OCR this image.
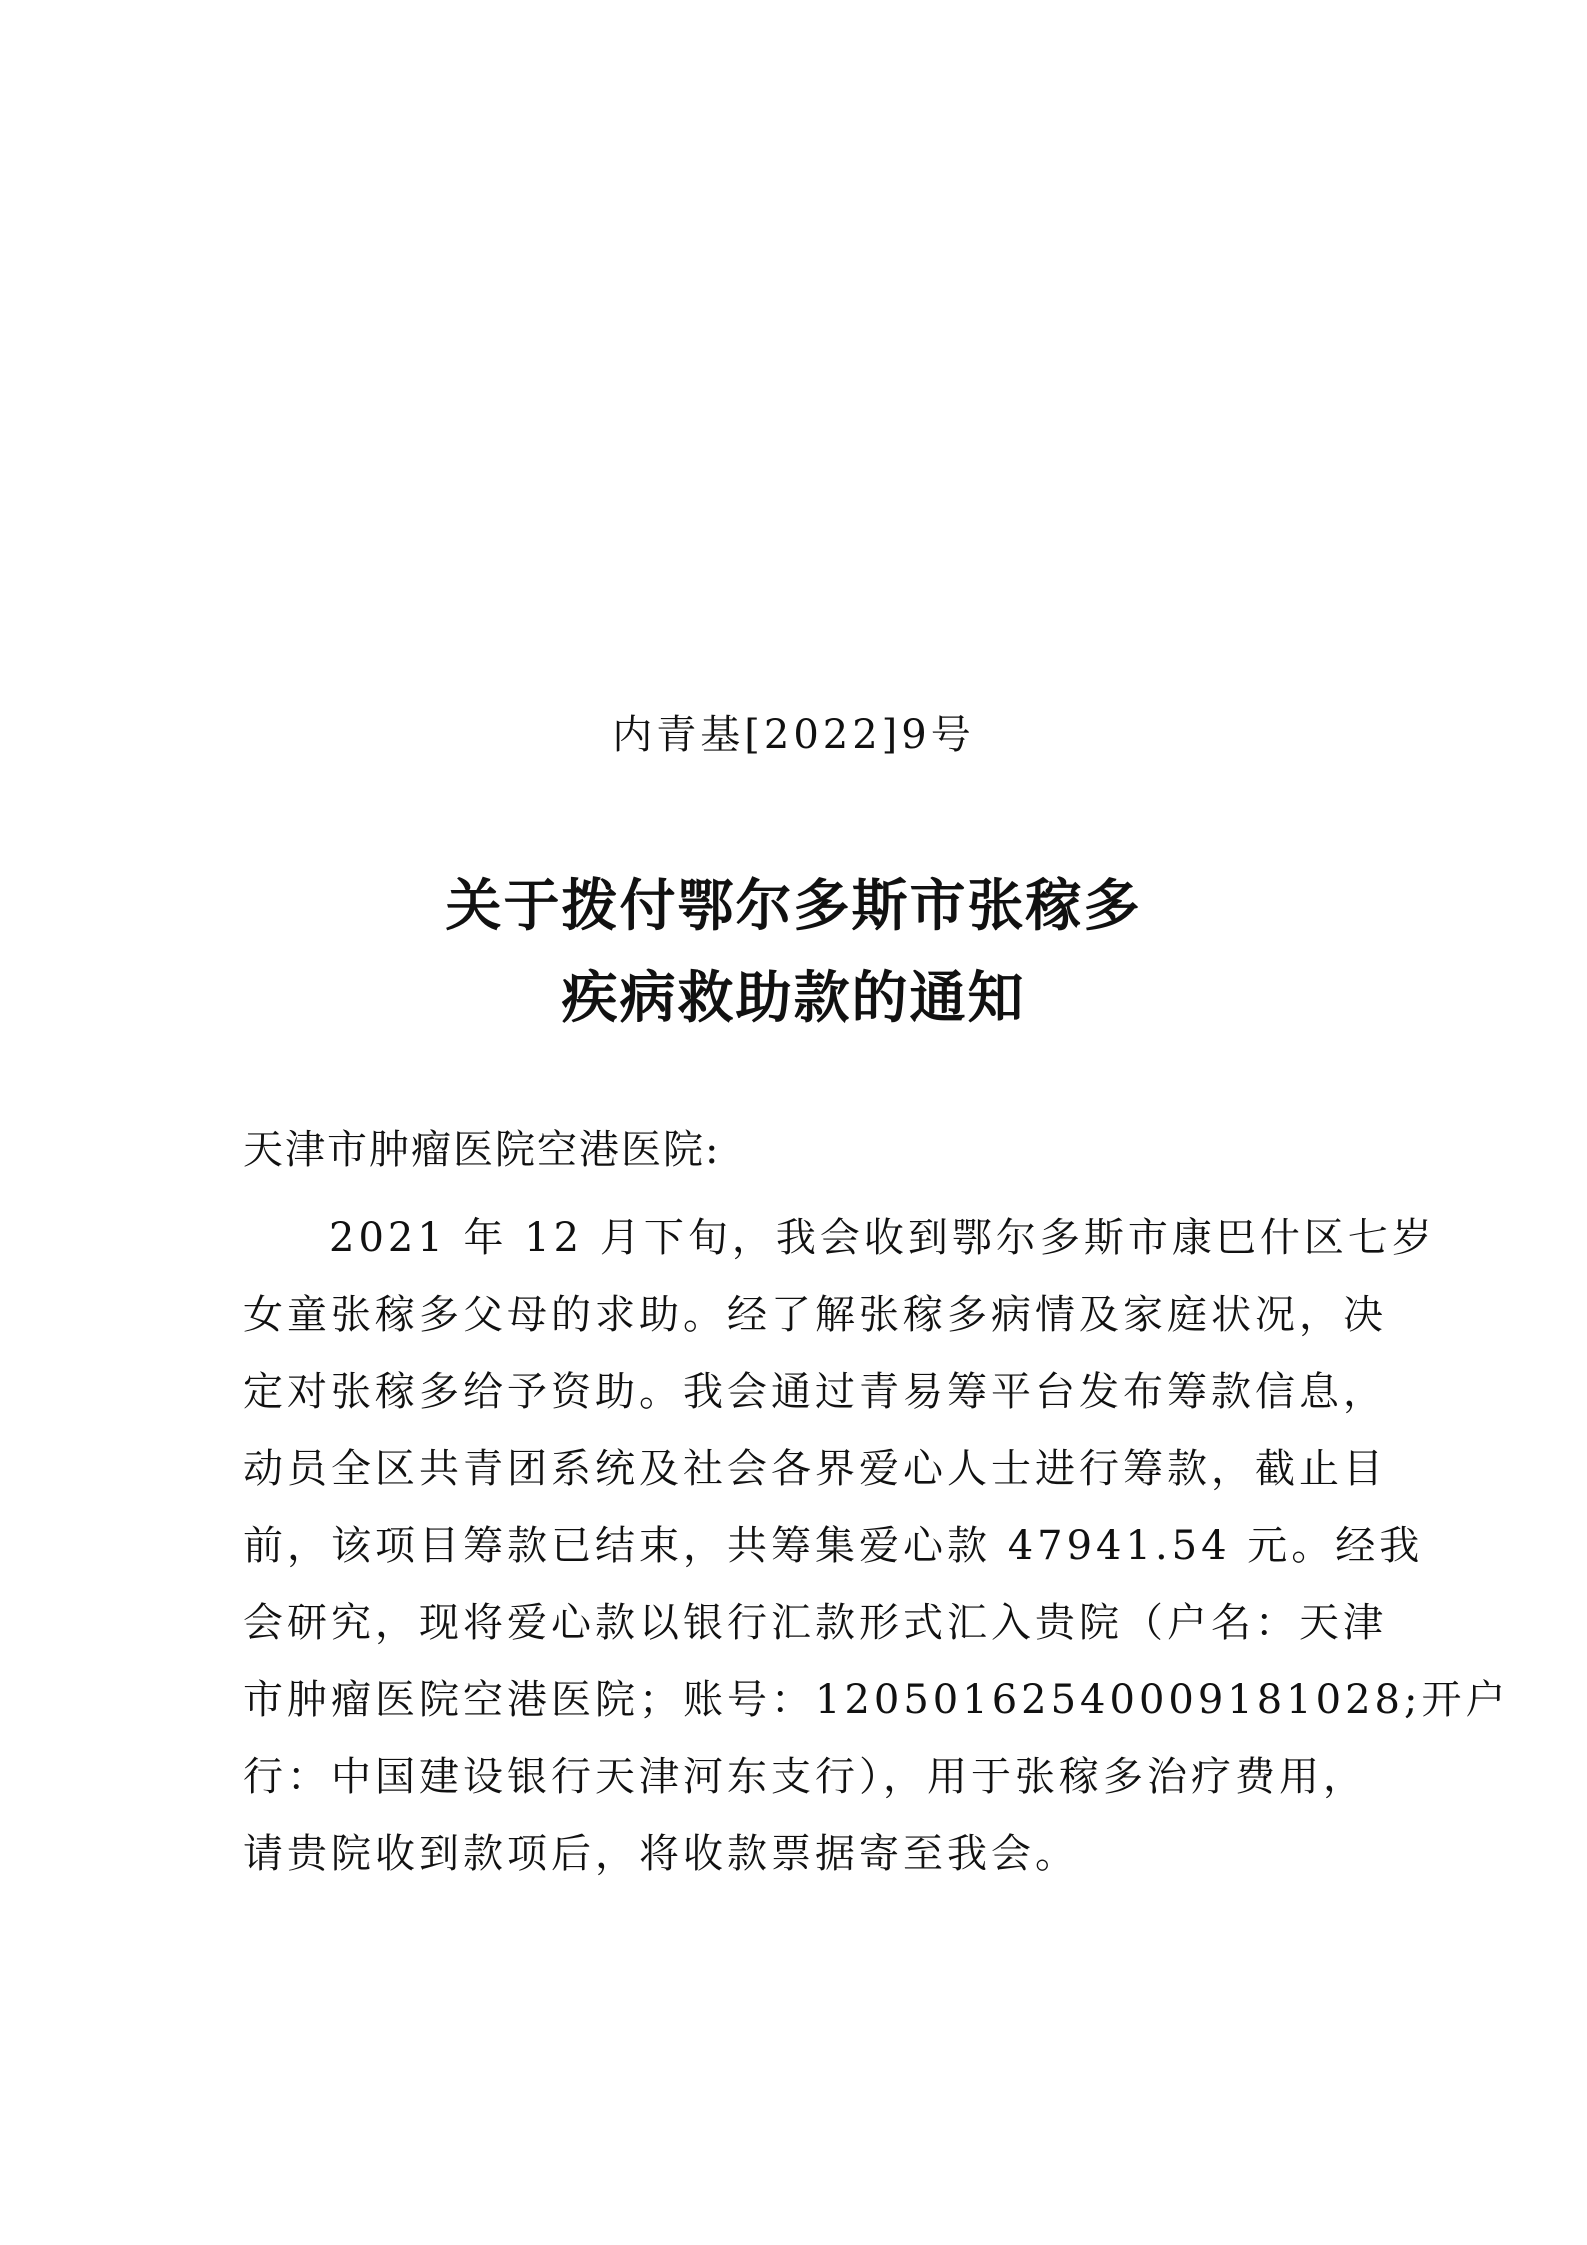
内青基[2022]9号
关于拨付鄂尔多斯市张稼多
疾病救助款的通知
天津市肿瘤医院空港医院:
2021 年 12 月下旬，我会收到鄂尔多斯市康巴什区七岁
女童张稼多父母的求助。经了解张稼多病情及家庭状况，决
定对张稼多给予资助。我会通过青易筹平台发布筹款信息，
动员全区共青团系统及社会各界爱心人士进行筹款，截止目
前，该项目筹款已结束，共筹集爱心款 47941.54 元。经我
会研究，现将爱心款以银行汇款形式汇入贵院（户名：天津
市肿瘤医院空港医院；账号：12050162540009181028;开户
行：中国建设银行天津河东支行），用于张稼多治疗费用，
请贵院收到款项后，将收款票据寄至我会。
